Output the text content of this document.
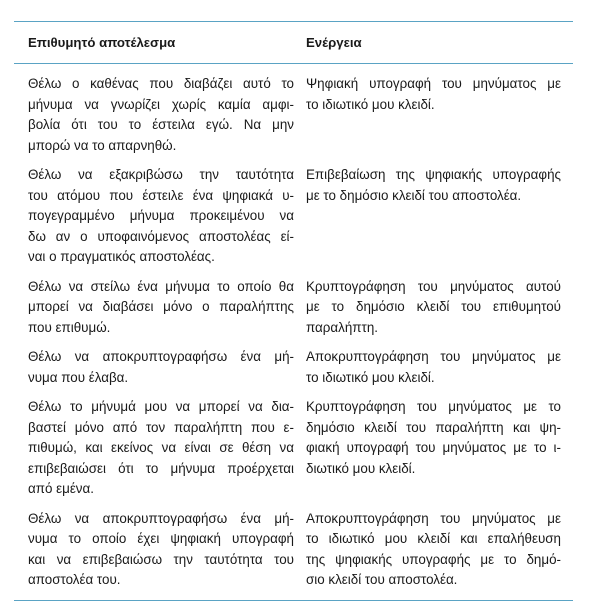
Επιθυμητό αποτέλεσμα	Ενέργεια
Θέλω ο καθένας που διαβάζει αυτό το
μήνυμα να γνωρίζει χωρίς καμία αμφι-
βολία ότι του το έστειλα εγώ. Να μην
μπορώ να το απαρνηθώ.
Ψηφιακή υπογραφή του μηνύματος με
το ιδιωτικό μου κλειδί.
Θέλω να εξακριβώσω την ταυτότητα
του ατόμου που έστειλε ένα ψηφιακά υ-
πογεγραμμένο μήνυμα προκειμένου να
δω αν ο υποφαινόμενος αποστολέας εί-
ναι ο πραγματικός αποστολέας.
Επιβεβαίωση της ψηφιακής υπογραφής
με το δημόσιο κλειδί του αποστολέα.
Θέλω να στείλω ένα μήνυμα το οποίο θα
μπορεί να διαβάσει μόνο ο παραλήπτης
που επιθυμώ.
Κρυπτογράφηση του μηνύματος αυτού
με το δημόσιο κλειδί του επιθυμητού
παραλήπτη.
Θέλω να αποκρυπτογραφήσω ένα μή-
νυμα που έλαβα.
Αποκρυπτογράφηση του μηνύματος με
το ιδιωτικό μου κλειδί.
Θέλω το μήνυμά μου να μπορεί να δια-
βαστεί μόνο από τον παραλήπτη που ε-
πιθυμώ, και εκείνος να είναι σε θέση να
επιβεβαιώσει ότι το μήνυμα προέρχεται
από εμένα.
Κρυπτογράφηση του μηνύματος με το
δημόσιο κλειδί του παραλήπτη και ψη-
φιακή υπογραφή του μηνύματος με το ι-
διωτικό μου κλειδί.
Θέλω να αποκρυπτογραφήσω ένα μή-
νυμα το οποίο έχει ψηφιακή υπογραφή
και να επιβεβαιώσω την ταυτότητα του
αποστολέα του.
Αποκρυπτογράφηση του μηνύματος με
το ιδιωτικό μου κλειδί και επαλήθευση
της ψηφιακής υπογραφής με το δημό-
σιο κλειδί του αποστολέα.
